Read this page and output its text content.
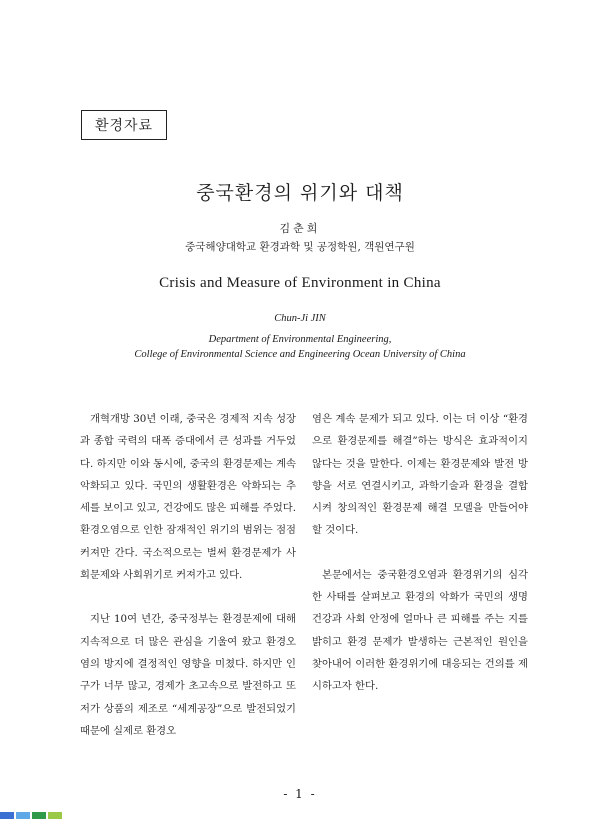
환경자료
중국환경의 위기와 대책
김춘희
중국해양대학교 환경과학 및 공정학원, 객원연구원
Crisis and Measure of Environment in China
Chun-Ji JIN
Department of Environmental Engineering,
College of Environmental Science and Engineering Ocean University of China

개혁개방 30년 이래, 중국은 경제적 지속 성장과 종합 국력의 대폭 증대에서 큰 성과를 거두었다. 하지만 이와 동시에, 중국의 환경문제는 계속 악화되고 있다. 국민의 생활환경은 악화되는 추세를 보이고 있고, 건강에도 많은 피해를 주었다. 환경오염으로 인한 잠재적인 위기의 범위는 점점 커져만 간다. 국소적으로는 벌써 환경문제가 사회문제와 사회위기로 커져가고 있다.

지난 10여 년간, 중국정부는 환경문제에 대해 지속적으로 더 많은 관심을 기울여 왔고 환경오염의 방지에 결정적인 영향을 미쳤다. 하지만 인구가 너무 많고, 경제가 초고속으로 발전하고 또 저가 상품의 제조로 “세계공장”으로 발전되었기 때문에 실제로 환경오

염은 계속 문제가 되고 있다. 이는 더 이상 “환경으로 환경문제를 해결”하는 방식은 효과적이지 않다는 것을 말한다. 이제는 환경문제와 발전 방향을 서로 연결시키고, 과학기술과 환경을 결합시켜 창의적인 환경문제 해결 모델을 만들어야 할 것이다.

본문에서는 중국환경오염과 환경위기의 심각한 사태를 살펴보고 환경의 악화가 국민의 생명건강과 사회 안정에 얼마나 큰 피해를 주는 지를 밝히고 환경 문제가 발생하는 근본적인 원인을 찾아내어 이러한 환경위기에 대응되는 건의를 제시하고자 한다.

- 1 -
